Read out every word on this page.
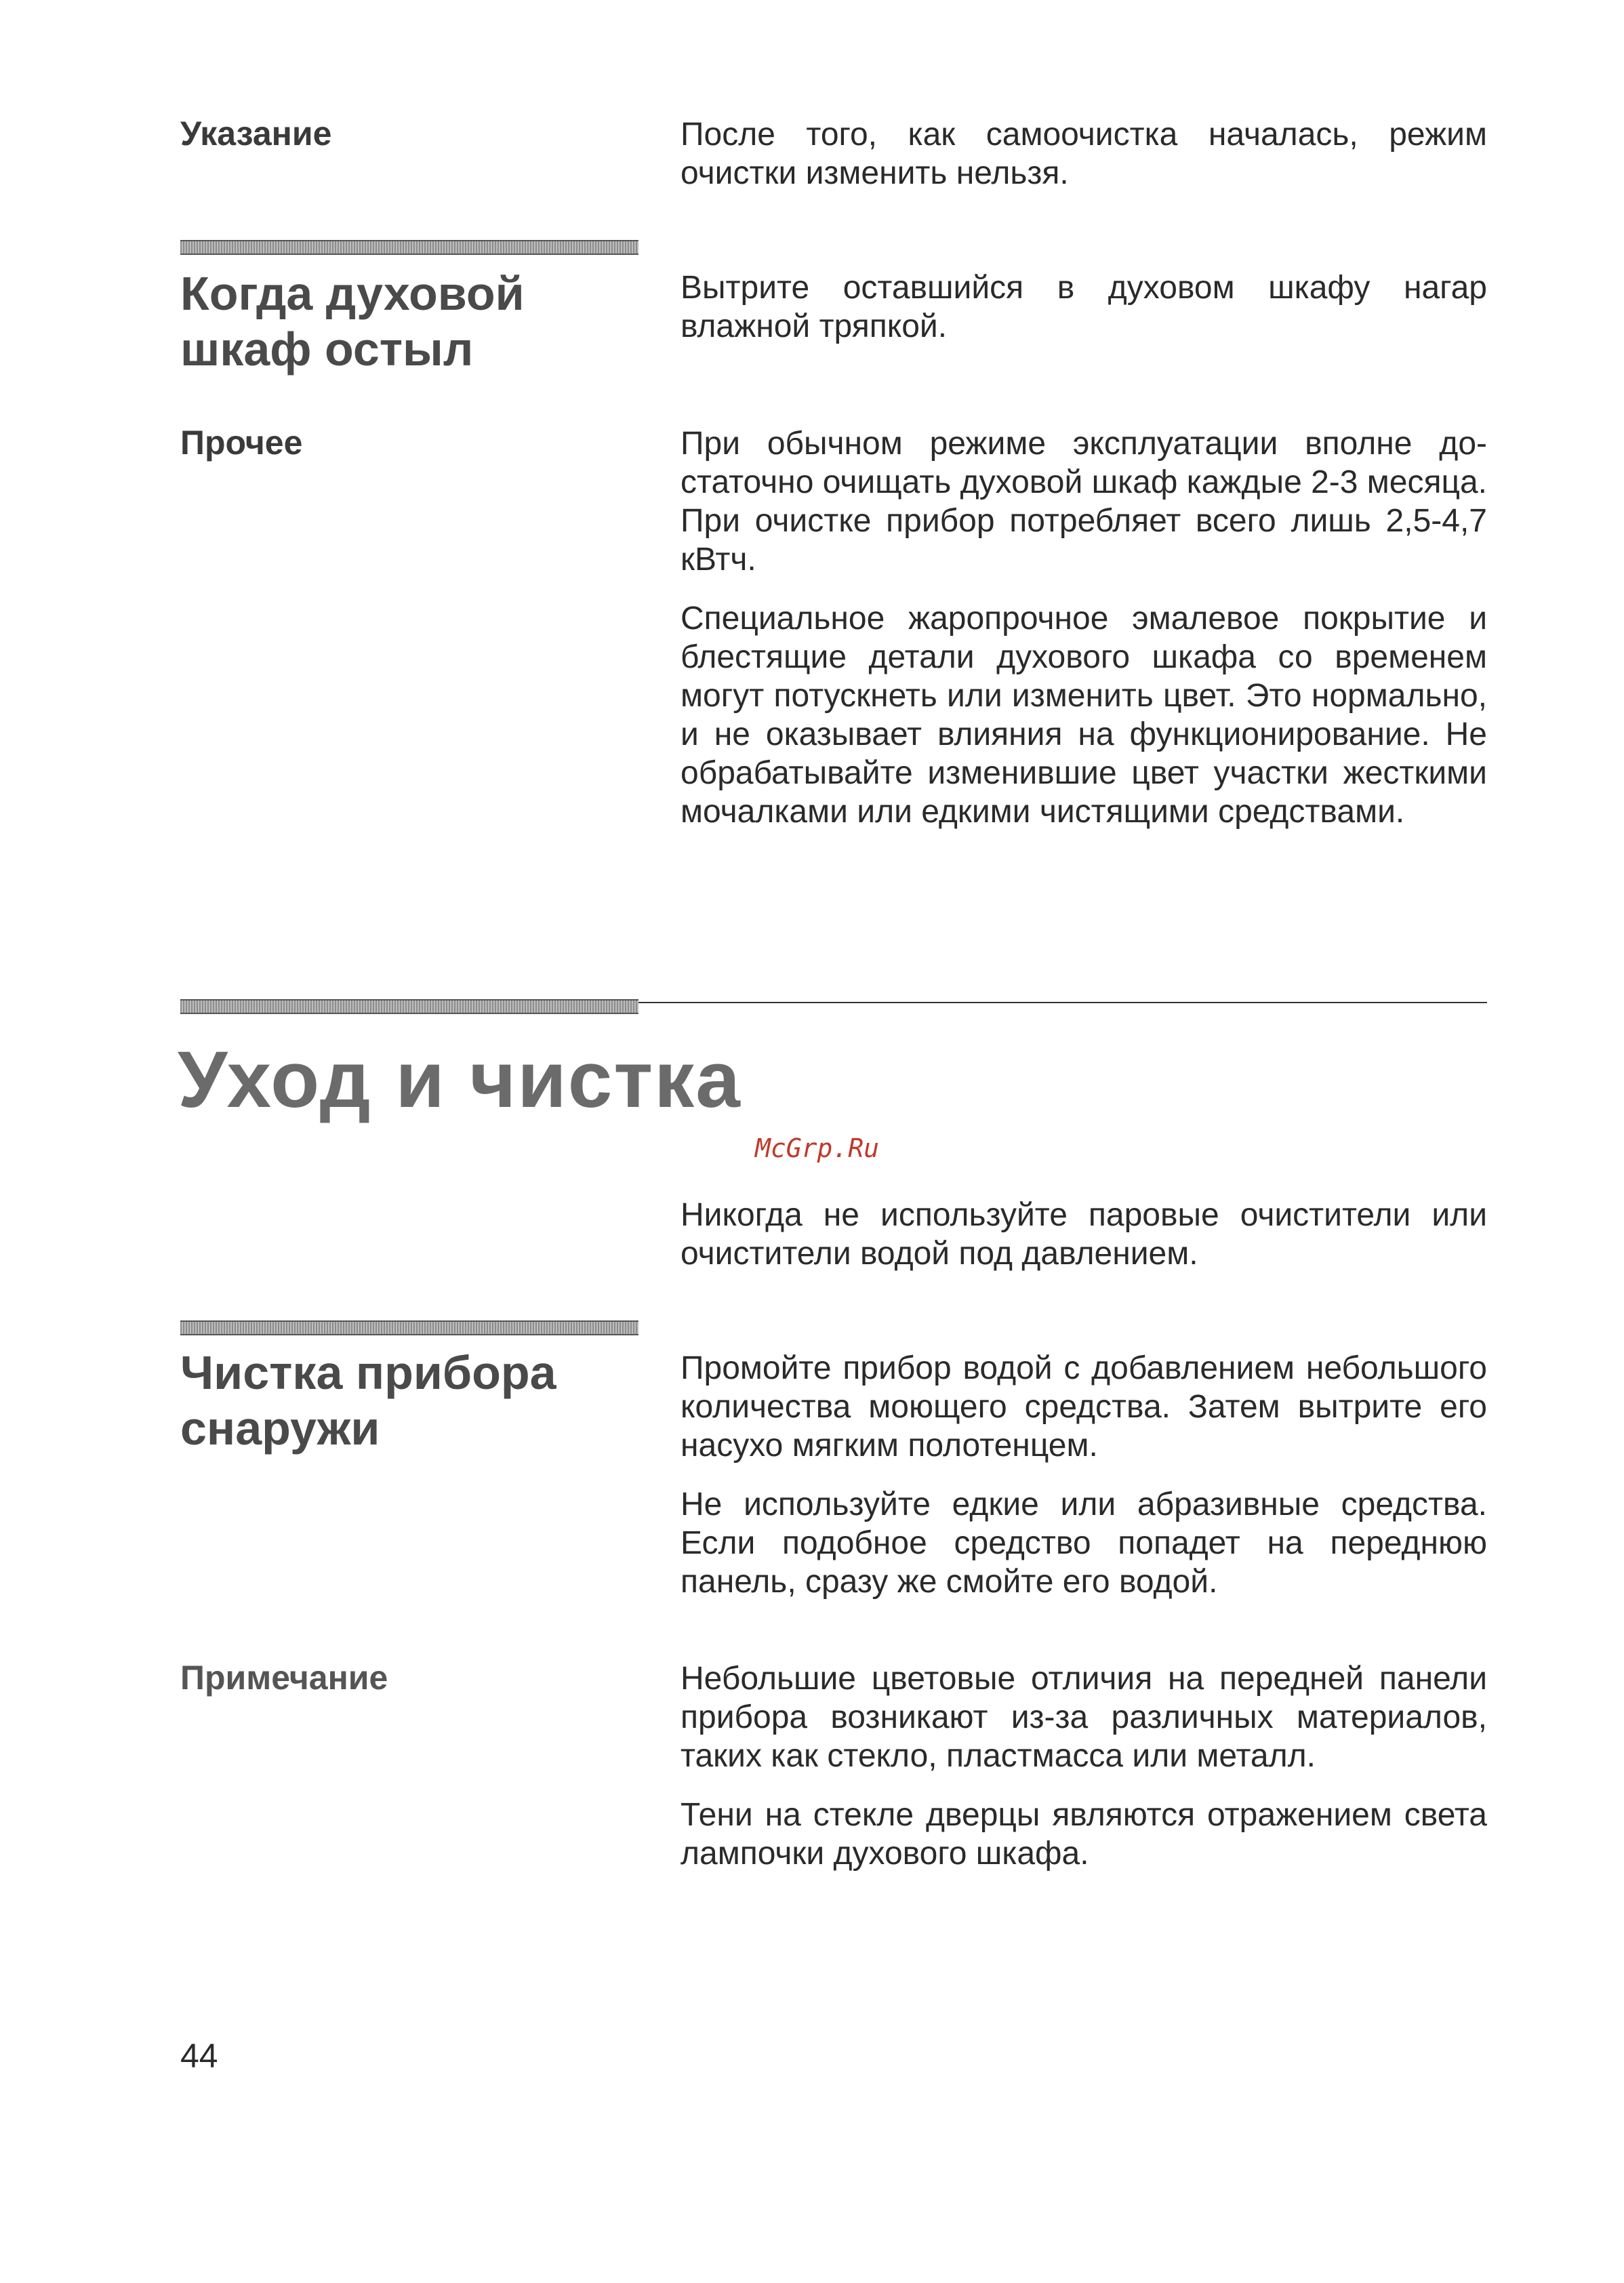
Указание	После того, как самоочистка началась, режим очистки изменить нельзя.

Когда духовой
шкаф остыл

Вытрите оставшийся в духовом шкафу нагар влажной тряпкой.

Прочее	При обычном режиме эксплуатации вполне достаточно очищать духовой шкаф каждые 2-3 месяца. При очистке прибор потребляет всего лишь 2,5-4,7 кВтч.

Специальное жаропрочное эмалевое покрытие и блестящие детали духового шкафа со временем могут потускнеть или изменить цвет. Это нормально, и не оказывает влияния на функционирование. Не обрабатывайте изменившие цвет участки жесткими мочалками или едкими чистящими средствами.

Уход и чистка
McGrp.Ru

Никогда не используйте паровые очистители или очистители водой под давлением.

Чистка прибора
снаружи

Промойте прибор водой с добавлением небольшого количества моющего средства. Затем вытрите его насухо мягким полотенцем.

Не используйте едкие или абразивные средства. Если подобное средство попадет на переднюю панель, сразу же смойте его водой.

Примечание	Небольшие цветовые отличия на передней панели прибора возникают из-за различных материалов, таких как стекло, пластмасса или металл.

Тени на стекле дверцы являются отражением света лампочки духового шкафа.

44
